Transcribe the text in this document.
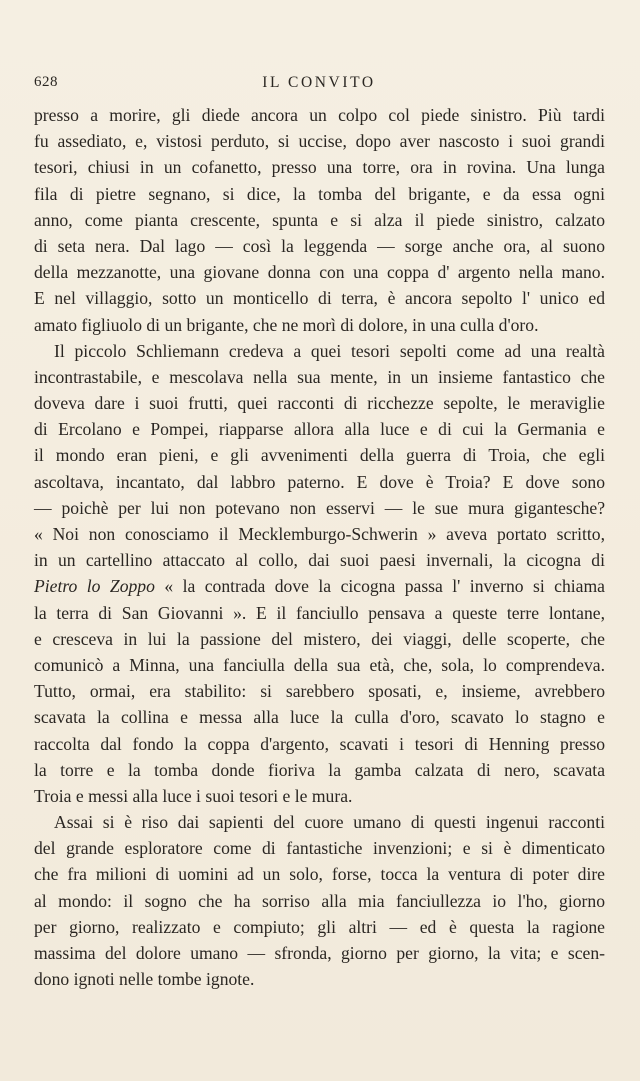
628	IL CONVITO

presso a morire, gli diede ancora un colpo col piede sinistro. Più tardi
fu assediato, e, vistosi perduto, si uccise, dopo aver nascosto i suoi grandi
tesori, chiusi in un cofanetto, presso una torre, ora in rovina. Una lunga
fila di pietre segnano, si dice, la tomba del brigante, e da essa ogni
anno, come pianta crescente, spunta e si alza il piede sinistro, calzato
di seta nera. Dal lago — così la leggenda — sorge anche ora, al suono
della mezzanotte, una giovane donna con una coppa d' argento nella mano.
E nel villaggio, sotto un monticello di terra, è ancora sepolto l' unico ed
amato figliuolo di un brigante, che ne morì di dolore, in una culla d'oro.

Il piccolo Schliemann credeva a quei tesori sepolti come ad una realtà
incontrastabile, e mescolava nella sua mente, in un insieme fantastico che
doveva dare i suoi frutti, quei racconti di ricchezze sepolte, le meraviglie
di Ercolano e Pompei, riapparse allora alla luce e di cui la Germania e
il mondo eran pieni, e gli avvenimenti della guerra di Troia, che egli
ascoltava, incantato, dal labbro paterno. E dove è Troia? E dove sono
— poichè per lui non potevano non esservi — le sue mura gigantesche?
« Noi non conosciamo il Mecklemburgo-Schwerin » aveva portato scritto,
in un cartellino attaccato al collo, dai suoi paesi invernali, la cicogna di
Pietro lo Zoppo « la contrada dove la cicogna passa l' inverno si chiama
la terra di San Giovanni ». E il fanciullo pensava a queste terre lontane,
e cresceva in lui la passione del mistero, dei viaggi, delle scoperte, che
comunicò a Minna, una fanciulla della sua età, che, sola, lo comprendeva.
Tutto, ormai, era stabilito: si sarebbero sposati, e, insieme, avrebbero
scavata la collina e messa alla luce la culla d'oro, scavato lo stagno e
raccolta dal fondo la coppa d'argento, scavati i tesori di Henning presso
la torre e la tomba donde fioriva la gamba calzata di nero, scavata
Troia e messi alla luce i suoi tesori e le mura.

Assai si è riso dai sapienti del cuore umano di questi ingenui racconti
del grande esploratore come di fantastiche invenzioni; e si è dimenticato
che fra milioni di uomini ad un solo, forse, tocca la ventura di poter dire
al mondo: il sogno che ha sorriso alla mia fanciullezza io l'ho, giorno
per giorno, realizzato e compiuto; gli altri — ed è questa la ragione
massima del dolore umano — sfronda, giorno per giorno, la vita; e scen-
dono ignoti nelle tombe ignote.
